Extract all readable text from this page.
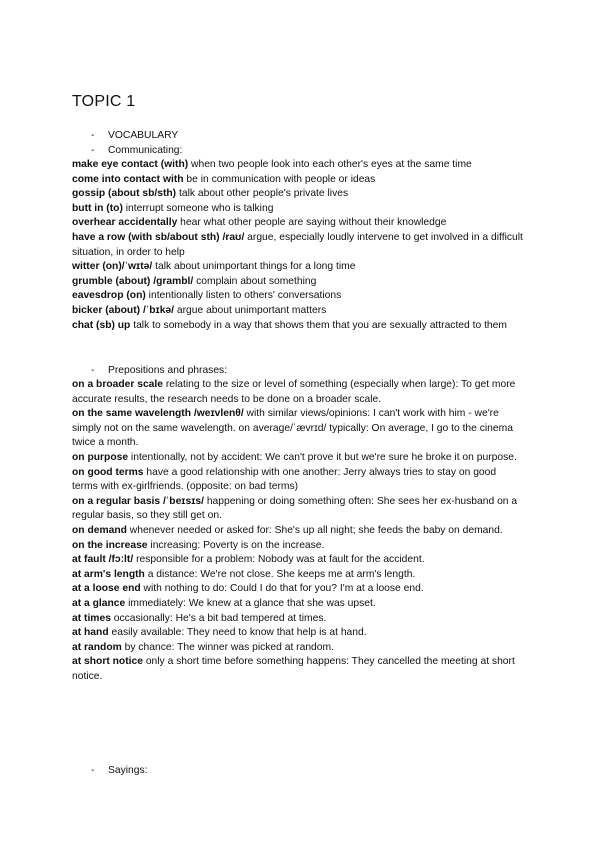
TOPIC 1
- VOCABULARY
- Communicating:

make eye contact (with) when two people look into each other's eyes at the same time

come into contact with be in communication with people or ideas

gossip (about sb/sth) talk about other people's private lives

butt in (to) interrupt someone who is talking

overhear accidentally hear what other people are saying without their knowledge

have a row (with sb/about sth) /raʊ/ argue, especially loudly intervene to get involved in a difficult situation, in order to help

witter (on)/ˈwɪtə/ talk about unimportant things for a long time

grumble (about) /grambl/ complain about something

eavesdrop (on) intentionally listen to others' conversations

bicker (about) /ˈbɪkə/ argue about unimportant matters

chat (sb) up talk to somebody in a way that shows them that you are sexually attracted to them

- Prepositions and phrases:

on a broader scale relating to the size or level of something (especially when large): To get more accurate results, the research needs to be done on a broader scale.

on the same wavelength /weɪvlenθ/ with similar views/opinions: I can't work with him - we're simply not on the same wavelength. on average/ˈævrɪd/ typically: On average, I go to the cinema twice a month.

on purpose intentionally, not by accident: We can't prove it but we're sure he broke it on purpose.

on good terms have a good relationship with one another: Jerry always tries to stay on good terms with ex-girlfriends. (opposite: on bad terms)

on a regular basis /ˈbeɪsɪs/ happening or doing something often: She sees her ex-husband on a regular basis, so they still get on.

on demand whenever needed or asked for: She's up all night; she feeds the baby on demand.

on the increase increasing: Poverty is on the increase.

at fault /fɔːlt/ responsible for a problem: Nobody was at fault for the accident.

at arm's length a distance: We're not close. She keeps me at arm's length.

at a loose end with nothing to do: Could I do that for you? I'm at a loose end.

at a glance immediately: We knew at a glance that she was upset.

at times occasionally: He's a bit bad tempered at times.

at hand easily available: They need to know that help is at hand.

at random by chance: The winner was picked at random.

at short notice only a short time before something happens: They cancelled the meeting at short notice.

- Sayings:
